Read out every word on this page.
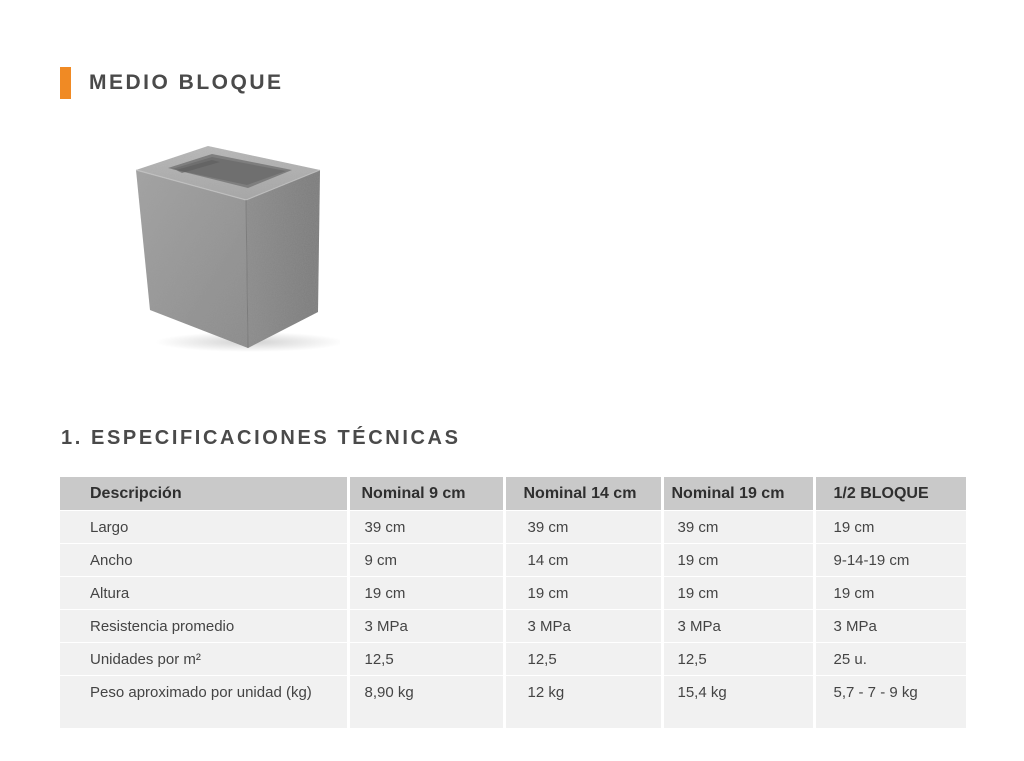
MEDIO BLOQUE
1. ESPECIFICACIONES TÉCNICAS
Descripción	Nominal 9 cm	Nominal 14 cm	Nominal 19 cm	1/2 BLOQUE
Largo	39 cm	39 cm	39 cm	19 cm
Ancho	9 cm	14 cm	19 cm	9-14-19 cm
Altura	19 cm	19 cm	19 cm	19 cm
Resistencia promedio	3 MPa	3 MPa	3 MPa	3 MPa
Unidades por m²	12,5	12,5	12,5	25 u.
Peso aproximado por unidad (kg)	8,90 kg	12 kg	15,4 kg	5,7 - 7 - 9 kg
